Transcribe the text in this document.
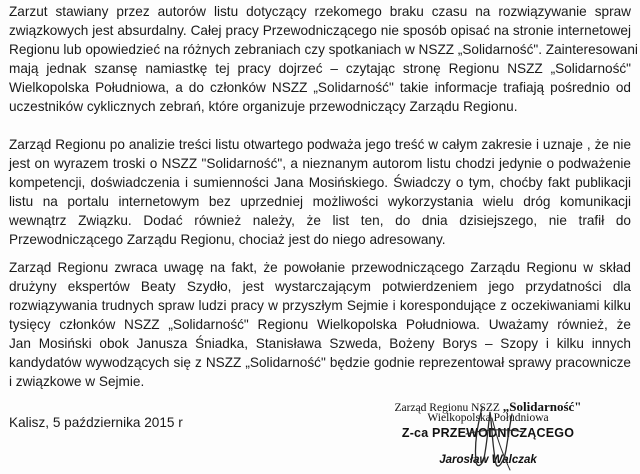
Zarzut stawiany przez autorów listu dotyczący rzekomego braku czasu na rozwiązywanie spraw
związkowych jest absurdalny. Całej pracy Przewodniczącego nie sposób opisać na stronie internetowej
Regionu lub opowiedzieć na różnych zebraniach czy spotkaniach w NSZZ „Solidarność". Zainteresowani
mają jednak szansę namiastkę tej pracy dojrzeć – czytając stronę Regionu NSZZ „Solidarność"
Wielkopolska Południowa, a do członków NSZZ „Solidarność" takie informacje trafiają pośrednio od
uczestników cyklicznych zebrań, które organizuje przewodniczący Zarządu Regionu.
Zarząd Regionu po analizie treści listu otwartego podważa jego treść w całym zakresie i uznaje , że nie
jest on wyrazem troski o NSZZ "Solidarność", a nieznanym autorom listu chodzi jedynie o podważenie
kompetencji, doświadczenia i sumienności Jana Mosińskiego. Świadczy o tym, choćby fakt publikacji
listu na portalu internetowym bez uprzedniej możliwości wykorzystania wielu dróg komunikacji
wewnątrz Związku. Dodać również należy, że list ten, do dnia dzisiejszego, nie trafił do
Przewodniczącego Zarządu Regionu, chociaż jest do niego adresowany.
Zarząd Regionu zwraca uwagę na fakt, że powołanie przewodniczącego Zarządu Regionu w skład
drużyny ekspertów Beaty Szydło, jest wystarczającym potwierdzeniem jego przydatności dla
rozwiązywania trudnych spraw ludzi pracy w przyszłym Sejmie i korespondujące z oczekiwaniami kilku
tysięcy członków NSZZ „Solidarność" Regionu Wielkopolska Południowa. Uważamy również, że
Jan Mosiński obok Janusza Śniadka, Stanisława Szweda, Bożeny Borys – Szopy i kilku innych
kandydatów wywodzących się z NSZZ „Solidarność" będzie godnie reprezentował sprawy pracownicze
i związkowe w Sejmie.
Kalisz, 5 października 2015 r
Zarząd Regionu NSZZ „Solidarność"
Wielkopolska Południowa
Z-ca PRZEWODNICZĄCEGO
Jarosław Walczak
